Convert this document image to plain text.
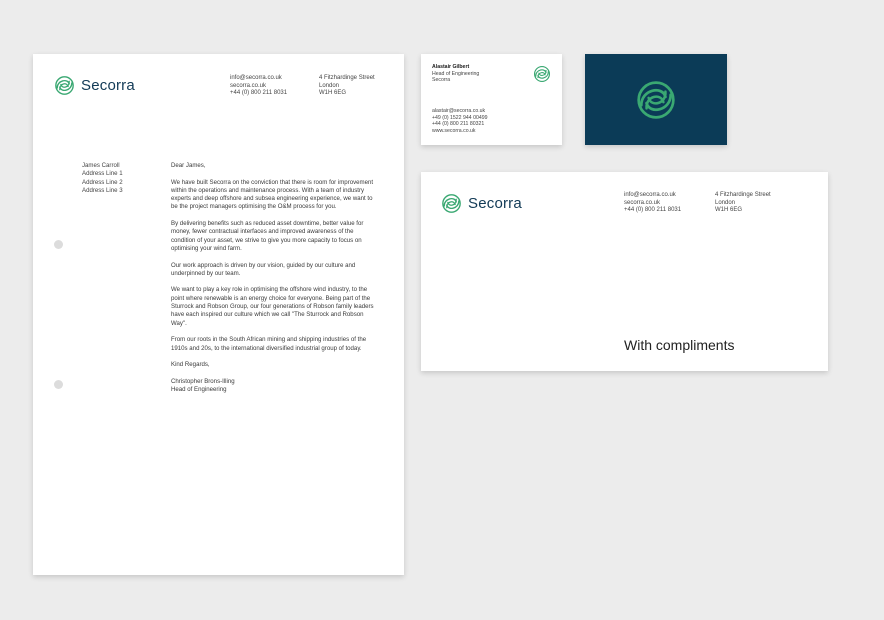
Secorra	info@secorra.co.uk
secorra.co.uk
+44 (0) 800 211 8031
4 Fitzhardinge Street
London
W1H 6EG
James Carroll
Address Line 1
Address Line 2
Address Line 3

Dear James,

We have built Secorra on the conviction that there is room for improvement within the operations and maintenance process. With a team of industry experts and deep offshore and subsea engineering experience, we want to be the project managers optimising the O&M process for you.

By delivering benefits such as reduced asset downtime, better value for money, fewer contractual interfaces and improved awareness of the condition of your asset, we strive to give you more capacity to focus on optimising your wind farm.

Our work approach is driven by our vision, guided by our culture and underpinned by our team.

We want to play a key role in optimising the offshore wind industry, to the point where renewable is an energy choice for everyone. Being part of the Sturrock and Robson Group, our four generations of Robson family leaders have each inspired our culture which we call "The Sturrock and Robson Way".

From our roots in the South African mining and shipping industries of the 1910s and 20s, to the international diversified industrial group of today.

Kind Regards,

Christopher Brons-Illing

Head of Engineering

Alastair Gilbert
Head of Engineering
Secorra
alastair@secorra.co.uk
+49 (0) 1522 944 00499
+44 (0) 800 211 80321
www.secorra.co.uk
Secorra	info@secorra.co.uk
secorra.co.uk
+44 (0) 800 211 8031
4 Fitzhardinge Street
London
W1H 6EG
With compliments
